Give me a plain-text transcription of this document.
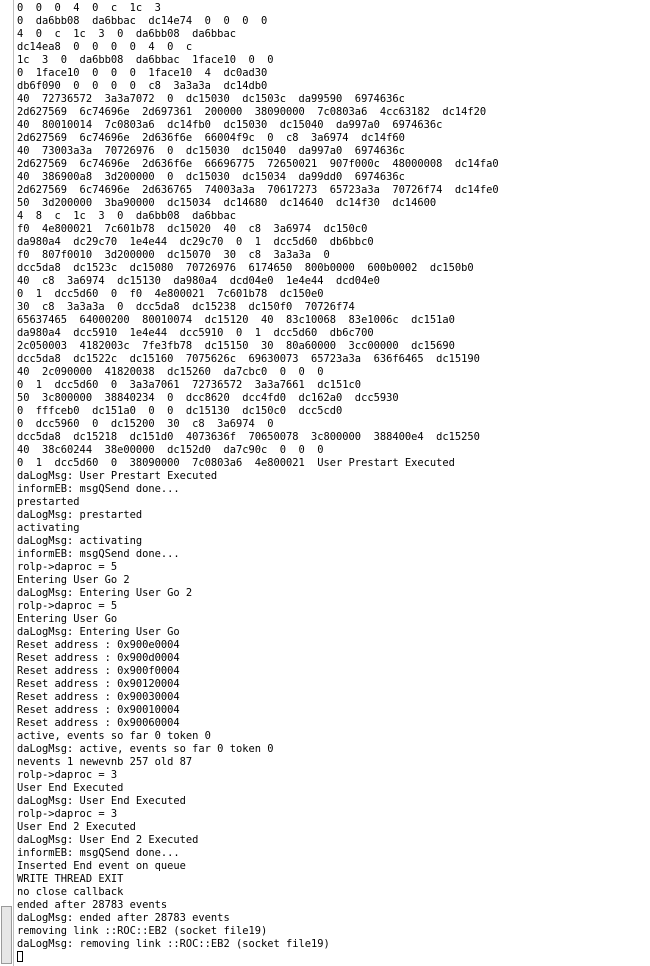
0  0  0  4  0  c  1c  3
0  da6bb08  da6bbac  dc14e74  0  0  0  0
4  0  c  1c  3  0  da6bb08  da6bbac
dc14ea8  0  0  0  0  4  0  c
1c  3  0  da6bb08  da6bbac  1face10  0  0
0  1face10  0  0  0  1face10  4  dc0ad30
db6f090  0  0  0  0  c8  3a3a3a  dc14db0
40  72736572  3a3a7072  0  dc15030  dc1503c  da99590  6974636c
2d627569  6c74696e  2d697361  200000  38090000  7c0803a6  4cc63182  dc14f20
40  80010014  7c0803a6  dc14fb0  dc15030  dc15040  da997a0  6974636c
2d627569  6c74696e  2d636f6e  66004f9c  0  c8  3a6974  dc14f60
40  73003a3a  70726976  0  dc15030  dc15040  da997a0  6974636c
2d627569  6c74696e  2d636f6e  66696775  72650021  907f000c  48000008  dc14fa0
40  386900a8  3d200000  0  dc15030  dc15034  da99dd0  6974636c
2d627569  6c74696e  2d636765  74003a3a  70617273  65723a3a  70726f74  dc14fe0
50  3d200000  3ba90000  dc15034  dc14680  dc14640  dc14f30  dc14600
4  8  c  1c  3  0  da6bb08  da6bbac
f0  4e800021  7c601b78  dc15020  40  c8  3a6974  dc150c0
da980a4  dc29c70  1e4e44  dc29c70  0  1  dcc5d60  db6bbc0
f0  807f0010  3d200000  dc15070  30  c8  3a3a3a  0
dcc5da8  dc1523c  dc15080  70726976  6174650  800b0000  600b0002  dc150b0
40  c8  3a6974  dc15130  da980a4  dcd04e0  1e4e44  dcd04e0
0  1  dcc5d60  0  f0  4e800021  7c601b78  dc150e0
30  c8  3a3a3a  0  dcc5da8  dc15238  dc150f0  70726f74
65637465  64000200  80010074  dc15120  40  83c10068  83e1006c  dc151a0
da980a4  dcc5910  1e4e44  dcc5910  0  1  dcc5d60  db6c700
2c050003  4182003c  7fe3fb78  dc15150  30  80a60000  3cc00000  dc15690
dcc5da8  dc1522c  dc15160  7075626c  69630073  65723a3a  636f6465  dc15190
40  2c090000  41820038  dc15260  da7cbc0  0  0  0
0  1  dcc5d60  0  3a3a7061  72736572  3a3a7661  dc151c0
50  3c800000  38840234  0  dcc8620  dcc4fd0  dc162a0  dcc5930
0  fffceb0  dc151a0  0  0  dc15130  dc150c0  dcc5cd0
0  dcc5960  0  dc15200  30  c8  3a6974  0
dcc5da8  dc15218  dc151d0  4073636f  70650078  3c800000  388400e4  dc15250
40  38c60244  38e00000  dc152d0  da7c90c  0  0  0
0  1  dcc5d60  0  38090000  7c0803a6  4e800021  User Prestart Executed
daLogMsg: User Prestart Executed
informEB: msgQSend done...
prestarted
daLogMsg: prestarted
activating
daLogMsg: activating
informEB: msgQSend done...
rolp->daproc = 5
Entering User Go 2
daLogMsg: Entering User Go 2
rolp->daproc = 5
Entering User Go
daLogMsg: Entering User Go
Reset address : 0x900e0004
Reset address : 0x900d0004
Reset address : 0x900f0004
Reset address : 0x90120004
Reset address : 0x90030004
Reset address : 0x90010004
Reset address : 0x90060004
active, events so far 0 token 0
daLogMsg: active, events so far 0 token 0
nevents 1 newevnb 257 old 87
rolp->daproc = 3
User End Executed
daLogMsg: User End Executed
rolp->daproc = 3
User End 2 Executed
daLogMsg: User End 2 Executed
informEB: msgQSend done...
Inserted End event on queue
WRITE THREAD EXIT
no close callback
ended after 28783 events
daLogMsg: ended after 28783 events
removing link ::ROC::EB2 (socket file19)
daLogMsg: removing link ::ROC::EB2 (socket file19)
